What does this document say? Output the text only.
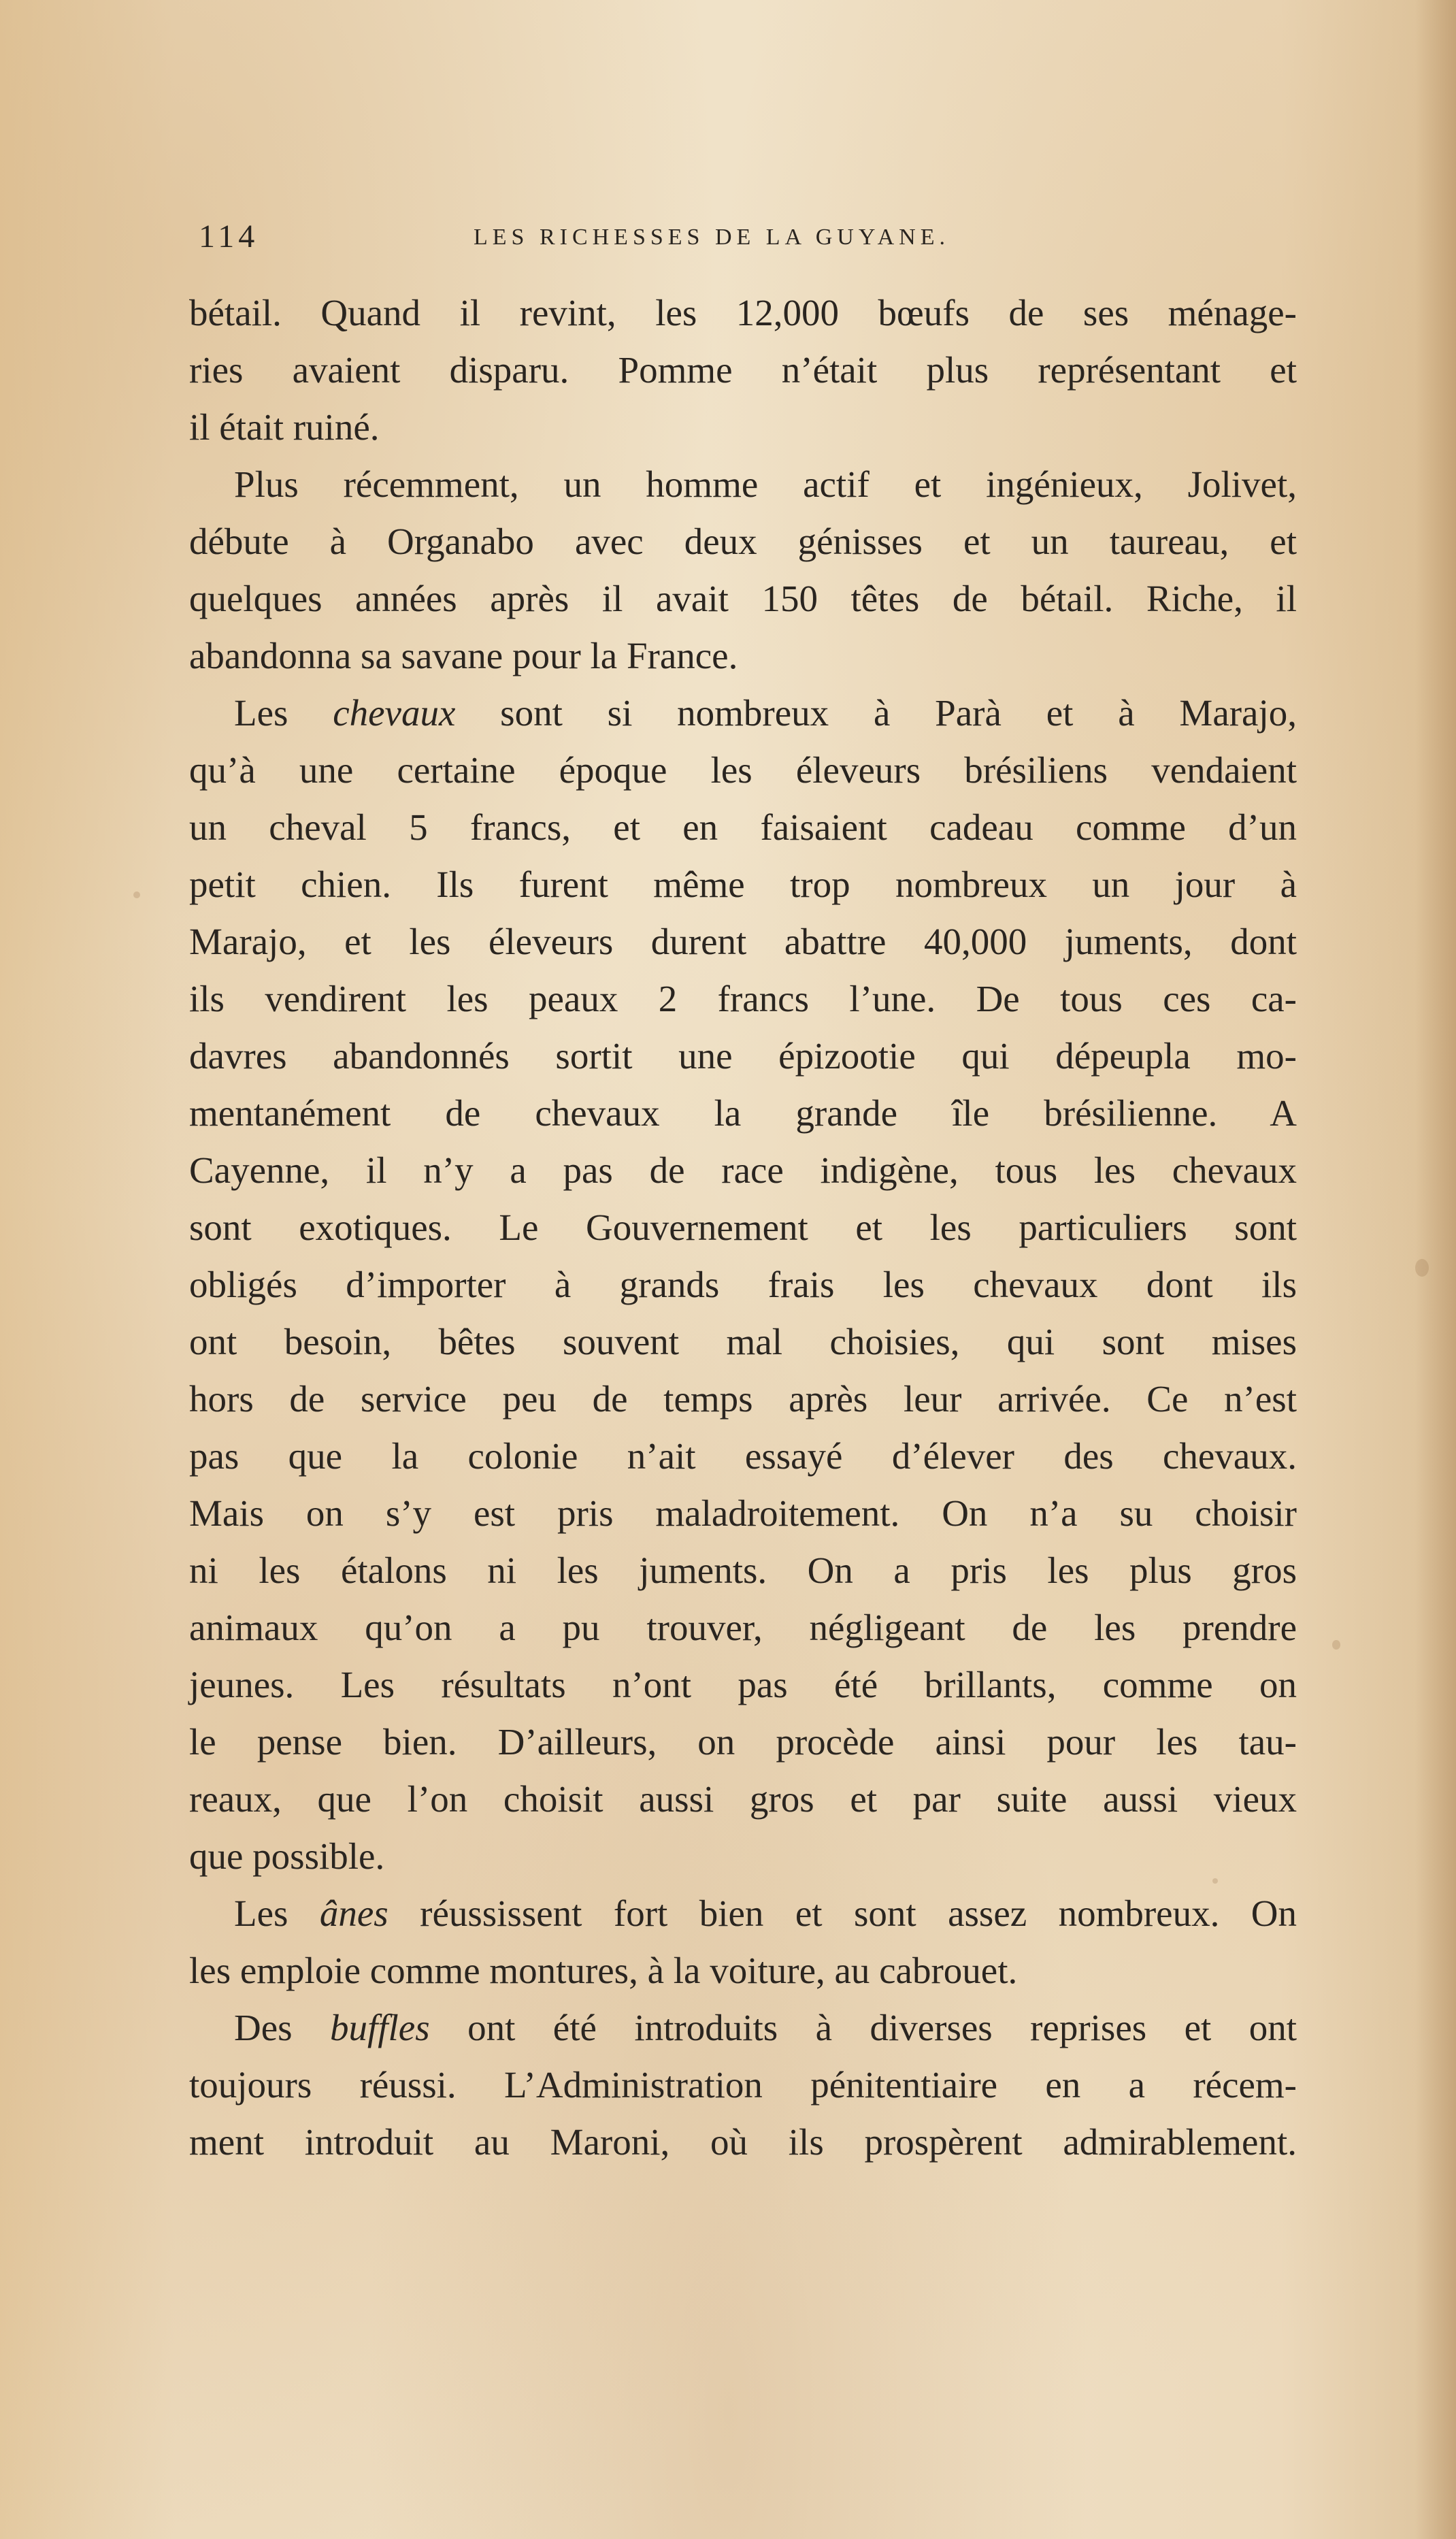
114	LES RICHESSES DE LA GUYANE.
bétail. Quand il revint, les 12,000 bœufs de ses ménage-
ries avaient disparu. Pomme n’était plus représentant et
il était ruiné.
Plus récemment, un homme actif et ingénieux, Jolivet,
débute à Organabo avec deux génisses et un taureau, et
quelques années après il avait 150 têtes de bétail. Riche, il
abandonna sa savane pour la France.
Les chevaux sont si nombreux à Parà et à Marajo,
qu’à une certaine époque les éleveurs brésiliens vendaient
un cheval 5 francs, et en faisaient cadeau comme d’un
petit chien. Ils furent même trop nombreux un jour à
Marajo, et les éleveurs durent abattre 40,000 juments, dont
ils vendirent les peaux 2 francs l’une. De tous ces ca-
davres abandonnés sortit une épizootie qui dépeupla mo-
mentanément de chevaux la grande île brésilienne. A
Cayenne, il n’y a pas de race indigène, tous les chevaux
sont exotiques. Le Gouvernement et les particuliers sont
obligés d’importer à grands frais les chevaux dont ils
ont besoin, bêtes souvent mal choisies, qui sont mises
hors de service peu de temps après leur arrivée. Ce n’est
pas que la colonie n’ait essayé d’élever des chevaux.
Mais on s’y est pris maladroitement. On n’a su choisir
ni les étalons ni les juments. On a pris les plus gros
animaux qu’on a pu trouver, négligeant de les prendre
jeunes. Les résultats n’ont pas été brillants, comme on
le pense bien. D’ailleurs, on procède ainsi pour les tau-
reaux, que l’on choisit aussi gros et par suite aussi vieux
que possible.
Les ânes réussissent fort bien et sont assez nombreux. On
les emploie comme montures, à la voiture, au cabrouet.
Des buffles ont été introduits à diverses reprises et ont
toujours réussi. L’Administration pénitentiaire en a récem-
ment introduit au Maroni, où ils prospèrent admirablement.
